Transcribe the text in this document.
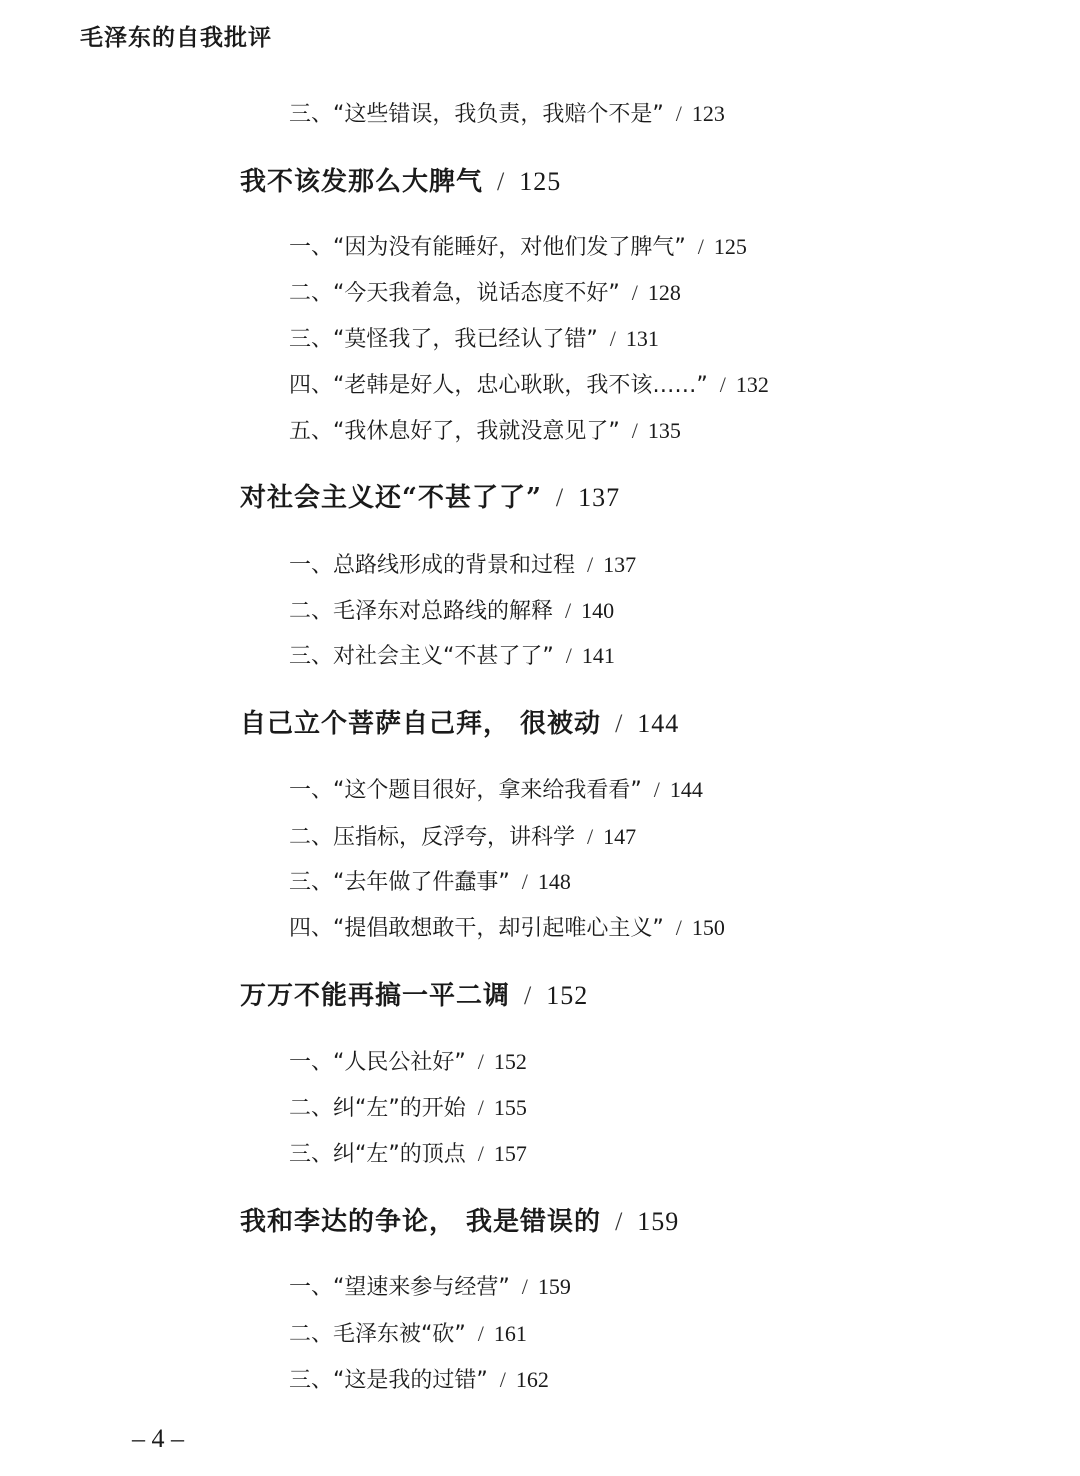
毛泽东的自我批评
三、“这些错误，我负责，我赔个不是” / 123
我不该发那么大脾气 / 125
一、“因为没有能睡好，对他们发了脾气” / 125
二、“今天我着急，说话态度不好” / 128
三、“莫怪我了，我已经认了错” / 131
四、“老韩是好人，忠心耿耿，我不该……” / 132
五、“我休息好了，我就没意见了” / 135
对社会主义还“不甚了了” / 137
一、总路线形成的背景和过程 / 137
二、毛泽东对总路线的解释 / 140
三、对社会主义“不甚了了” / 141
自己立个菩萨自己拜， 很被动 / 144
一、“这个题目很好，拿来给我看看” / 144
二、压指标，反浮夸，讲科学 / 147
三、“去年做了件蠢事” / 148
四、“提倡敢想敢干，却引起唯心主义” / 150
万万不能再搞一平二调 / 152
一、“人民公社好” / 152
二、纠“左”的开始 / 155
三、纠“左”的顶点 / 157
我和李达的争论， 我是错误的 / 159
一、“望速来参与经营” / 159
二、毛泽东被“砍” / 161
三、“这是我的过错” / 162
– 4 –
